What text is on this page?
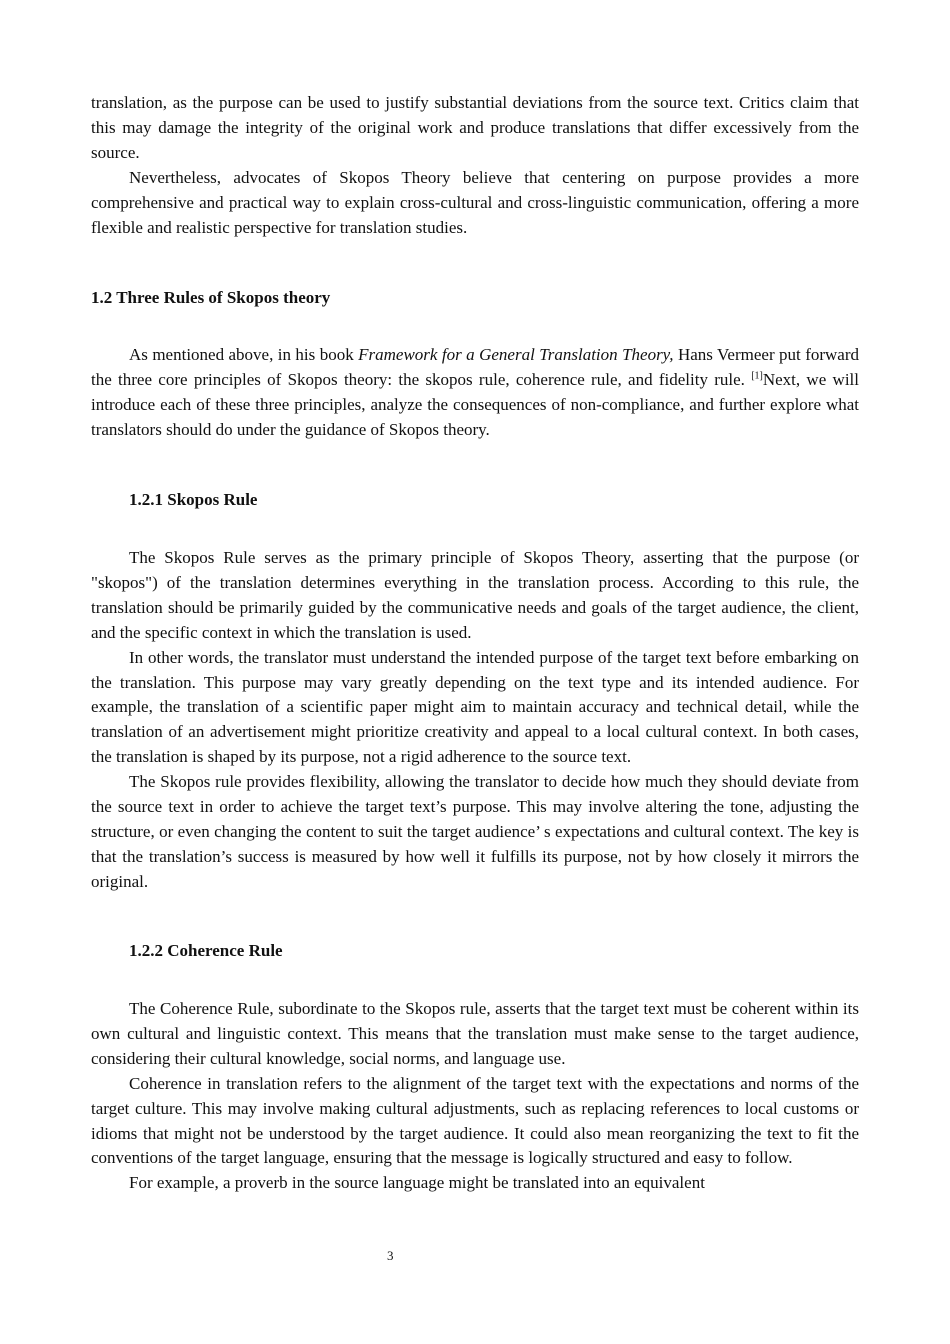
translation, as the purpose can be used to justify substantial deviations from the source text. Critics claim that this may damage the integrity of the original work and produce translations that differ excessively from the source.

Nevertheless, advocates of Skopos Theory believe that centering on purpose provides a more comprehensive and practical way to explain cross-cultural and cross-linguistic communication, offering a more flexible and realistic perspective for translation studies.

1.2 Three Rules of Skopos theory

As mentioned above, in his book Framework for a General Translation Theory, Hans Vermeer put forward the three core principles of Skopos theory: the skopos rule, coherence rule, and fidelity rule. [1]Next, we will introduce each of these three principles, analyze the consequences of non-compliance, and further explore what translators should do under the guidance of Skopos theory.

1.2.1 Skopos Rule

The Skopos Rule serves as the primary principle of Skopos Theory, asserting that the purpose (or "skopos") of the translation determines everything in the translation process. According to this rule, the translation should be primarily guided by the communicative needs and goals of the target audience, the client, and the specific context in which the translation is used.

In other words, the translator must understand the intended purpose of the target text before embarking on the translation. This purpose may vary greatly depending on the text type and its intended audience. For example, the translation of a scientific paper might aim to maintain accuracy and technical detail, while the translation of an advertisement might prioritize creativity and appeal to a local cultural context. In both cases, the translation is shaped by its purpose, not a rigid adherence to the source text.

The Skopos rule provides flexibility, allowing the translator to decide how much they should deviate from the source text in order to achieve the target text’s purpose. This may involve altering the tone, adjusting the structure, or even changing the content to suit the target audience’ s expectations and cultural context. The key is that the translation’s success is measured by how well it fulfills its purpose, not by how closely it mirrors the original.

1.2.2 Coherence Rule

The Coherence Rule, subordinate to the Skopos rule, asserts that the target text must be coherent within its own cultural and linguistic context. This means that the translation must make sense to the target audience, considering their cultural knowledge, social norms, and language use.

Coherence in translation refers to the alignment of the target text with the expectations and norms of the target culture. This may involve making cultural adjustments, such as replacing references to local customs or idioms that might not be understood by the target audience. It could also mean reorganizing the text to fit the conventions of the target language, ensuring that the message is logically structured and easy to follow.

For example, a proverb in the source language might be translated into an equivalent

3
